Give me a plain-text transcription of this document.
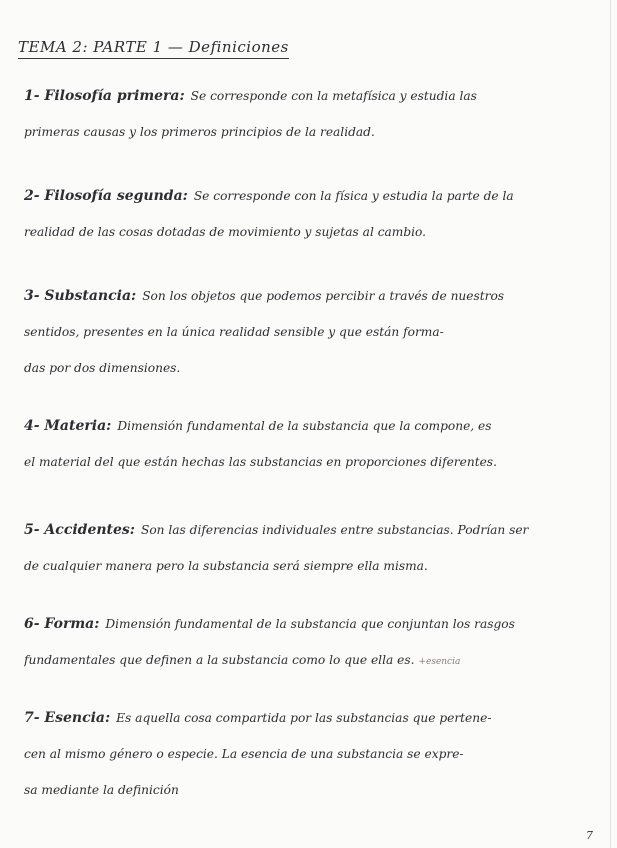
TEMA 2: PARTE 1 — Definiciones
1- Filosofía primera: Se corresponde con la metafísica y estudia las
primeras causas y los primeros principios de la realidad.
2- Filosofía segunda: Se corresponde con la física y estudia la parte de la
realidad de las cosas dotadas de movimiento y sujetas al cambio.
3- Substancia: Son los objetos que podemos percibir a través de nuestros
sentidos, presentes en la única realidad sensible y que están forma-
das por dos dimensiones.
4- Materia: Dimensión fundamental de la substancia que la compone, es
el material del que están hechas las substancias en proporciones diferentes.
5- Accidentes: Son las diferencias individuales entre substancias. Podrían ser
de cualquier manera pero la substancia será siempre ella misma.
6- Forma: Dimensión fundamental de la substancia que conjuntan los rasgos
fundamentales que definen a la substancia como lo que ella es. +esencia
7- Esencia: Es aquella cosa compartida por las substancias que pertene-
cen al mismo género o especie. La esencia de una substancia se expre-
sa mediante la definición
7
